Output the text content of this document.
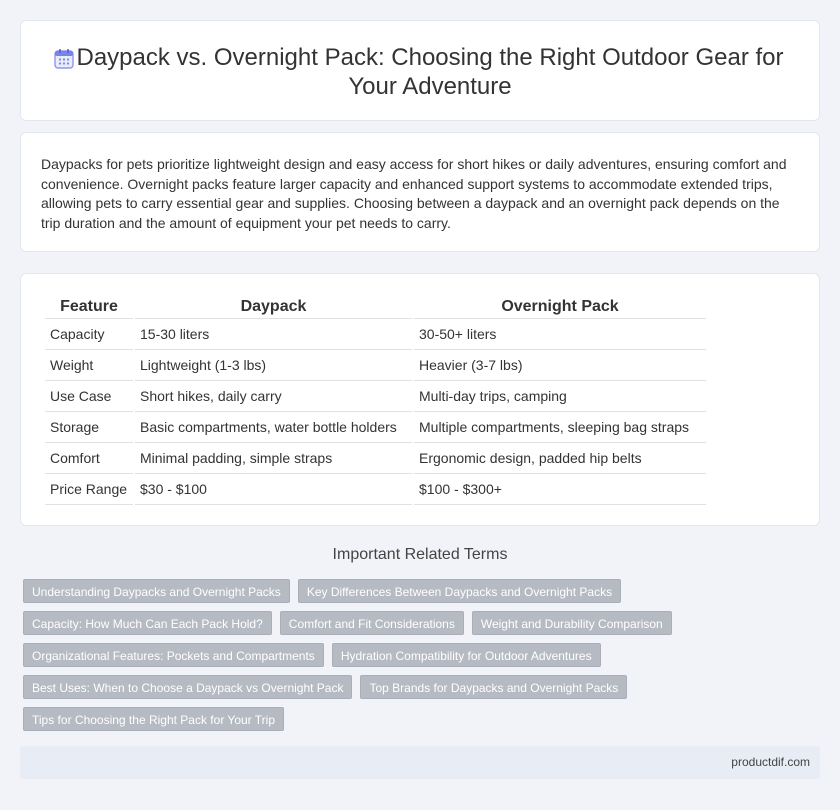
Daypack vs. Overnight Pack: Choosing the Right Outdoor Gear for Your Adventure

Daypacks for pets prioritize lightweight design and easy access for short hikes or daily adventures, ensuring comfort and convenience. Overnight packs feature larger capacity and enhanced support systems to accommodate extended trips, allowing pets to carry essential gear and supplies. Choosing between a daypack and an overnight pack depends on the trip duration and the amount of equipment your pet needs to carry.

Feature	Daypack	Overnight Pack
Capacity	15-30 liters	30-50+ liters
Weight	Lightweight (1-3 lbs)	Heavier (3-7 lbs)
Use Case	Short hikes, daily carry	Multi-day trips, camping
Storage	Basic compartments, water bottle holders	Multiple compartments, sleeping bag straps
Comfort	Minimal padding, simple straps	Ergonomic design, padded hip belts
Price Range	$30 - $100	$100 - $300+
Important Related Terms
Understanding Daypacks and Overnight Packs	Key Differences Between Daypacks and Overnight Packs
Capacity: How Much Can Each Pack Hold?	Comfort and Fit Considerations	Weight and Durability Comparison
Organizational Features: Pockets and Compartments	Hydration Compatibility for Outdoor Adventures
Best Uses: When to Choose a Daypack vs Overnight Pack	Top Brands for Daypacks and Overnight Packs
Tips for Choosing the Right Pack for Your Trip
productdif.com
